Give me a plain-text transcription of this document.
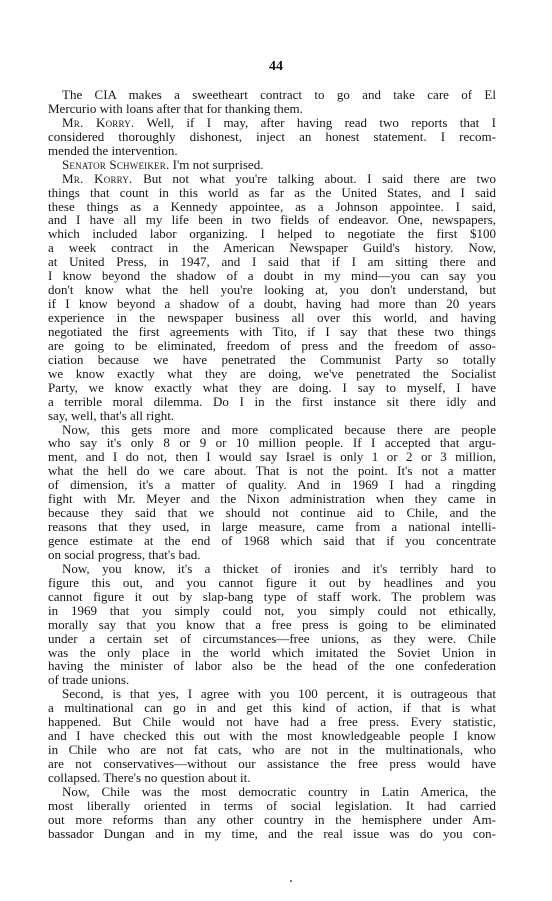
44
The CIA makes a sweetheart contract to go and take care of El
Mercurio with loans after that for thanking them.
Mr. Korry. Well, if I may, after having read two reports that I
considered thoroughly dishonest, inject an honest statement. I recom-
mended the intervention.
Senator Schweiker. I'm not surprised.
Mr. Korry. But not what you're talking about. I said there are two
things that count in this world as far as the United States, and I said
these things as a Kennedy appointee, as a Johnson appointee. I said,
and I have all my life been in two fields of endeavor. One, newspapers,
which included labor organizing. I helped to negotiate the first $100
a week contract in the American Newspaper Guild's history. Now,
at United Press, in 1947, and I said that if I am sitting there and
I know beyond the shadow of a doubt in my mind—you can say you
don't know what the hell you're looking at, you don't understand, but
if I know beyond a shadow of a doubt, having had more than 20 years
experience in the newspaper business all over this world, and having
negotiated the first agreements with Tito, if I say that these two things
are going to be eliminated, freedom of press and the freedom of asso-
ciation because we have penetrated the Communist Party so totally
we know exactly what they are doing, we've penetrated the Socialist
Party, we know exactly what they are doing. I say to myself, I have
a terrible moral dilemma. Do I in the first instance sit there idly and
say, well, that's all right.
Now, this gets more and more complicated because there are people
who say it's only 8 or 9 or 10 million people. If I accepted that argu-
ment, and I do not, then I would say Israel is only 1 or 2 or 3 million,
what the hell do we care about. That is not the point. It's not a matter
of dimension, it's a matter of quality. And in 1969 I had a ringding
fight with Mr. Meyer and the Nixon administration when they came in
because they said that we should not continue aid to Chile, and the
reasons that they used, in large measure, came from a national intelli-
gence estimate at the end of 1968 which said that if you concentrate
on social progress, that's bad.
Now, you know, it's a thicket of ironies and it's terribly hard to
figure this out, and you cannot figure it out by headlines and you
cannot figure it out by slap-bang type of staff work. The problem was
in 1969 that you simply could not, you simply could not ethically,
morally say that you know that a free press is going to be eliminated
under a certain set of circumstances—free unions, as they were. Chile
was the only place in the world which imitated the Soviet Union in
having the minister of labor also be the head of the one confederation
of trade unions.
Second, is that yes, I agree with you 100 percent, it is outrageous that
a multinational can go in and get this kind of action, if that is what
happened. But Chile would not have had a free press. Every statistic,
and I have checked this out with the most knowledgeable people I know
in Chile who are not fat cats, who are not in the multinationals, who
are not conservatives—without our assistance the free press would have
collapsed. There's no question about it.
Now, Chile was the most democratic country in Latin America, the
most liberally oriented in terms of social legislation. It had carried
out more reforms than any other country in the hemisphere under Am-
bassador Dungan and in my time, and the real issue was do you con-
